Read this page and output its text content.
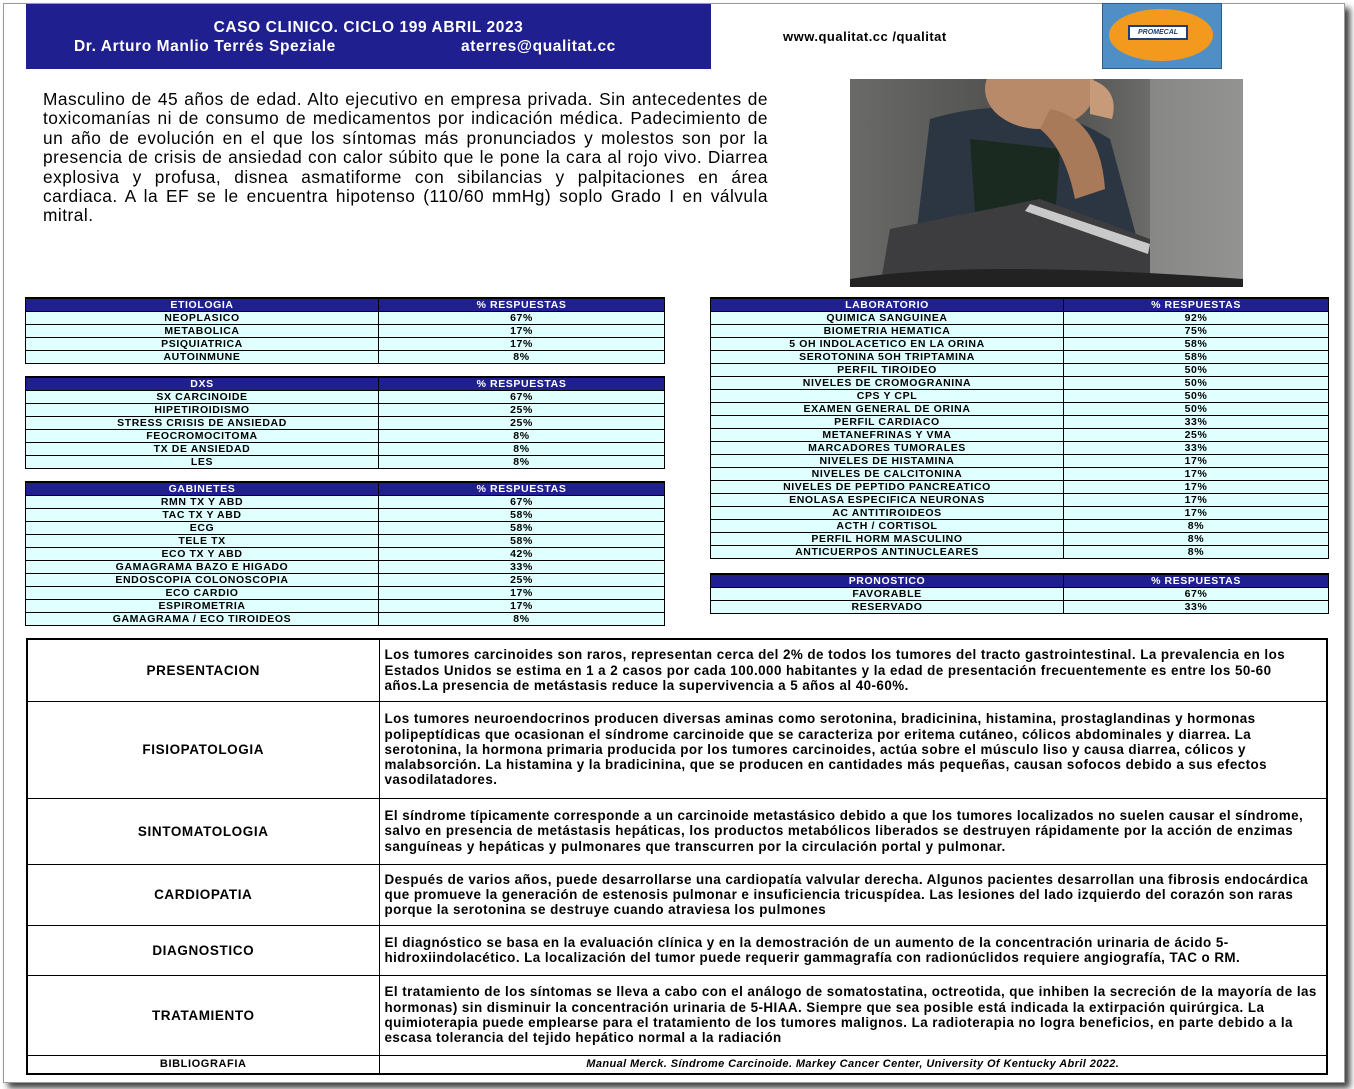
CASO CLINICO. CICLO 199 ABRIL 2023
Dr. Arturo Manlio Terrés Speziale	aterres@qualitat.cc
www.qualitat.cc /qualitat	PROMECAL
Masculino de 45 años de edad. Alto ejecutivo en empresa privada. Sin antecedentes de toxicomanías ni de consumo de medicamentos por indicación médica. Padecimiento de un año de evolución en el que los síntomas más pronunciados y molestos son por la presencia de crisis de ansiedad con calor súbito que le pone la cara al rojo vivo. Diarrea explosiva y profusa, disnea asmatiforme con sibilancias y palpitaciones en área cardiaca. A la EF se le encuentra hipotenso (110/60 mmHg) soplo Grado I en válvula mitral.
ETIOLOGIA	% RESPUESTAS
NEOPLASICO	67%
METABOLICA	17%
PSIQUIATRICA	17%
AUTOINMUNE	8%
DXS	% RESPUESTAS
SX CARCINOIDE	67%
HIPETIROIDISMO	25%
STRESS CRISIS DE ANSIEDAD	25%
FEOCROMOCITOMA	8%
TX DE ANSIEDAD	8%
LES	8%
GABINETES	% RESPUESTAS
RMN TX Y ABD	67%
TAC TX Y ABD	58%
ECG	58%
TELE TX	58%
ECO TX Y ABD	42%
GAMAGRAMA BAZO E HIGADO	33%
ENDOSCOPIA COLONOSCOPIA	25%
ECO CARDIO	17%
ESPIROMETRIA	17%
GAMAGRAMA / ECO TIROIDEOS	8%
LABORATORIO	% RESPUESTAS
QUIMICA SANGUINEA	92%
BIOMETRIA HEMATICA	75%
5 OH INDOLACETICO EN LA ORINA	58%
SEROTONINA 5OH TRIPTAMINA	58%
PERFIL TIROIDEO	50%
NIVELES DE CROMOGRANINA	50%
CPS Y CPL	50%
EXAMEN GENERAL DE ORINA	50%
PERFIL CARDIACO	33%
METANEFRINAS Y VMA	25%
MARCADORES TUMORALES	33%
NIVELES DE HISTAMINA	17%
NIVELES DE CALCITONINA	17%
NIVELES DE PEPTIDO PANCREATICO	17%
ENOLASA ESPECIFICA NEURONAS	17%
AC ANTITIROIDEOS	17%
ACTH / CORTISOL	8%
PERFIL HORM MASCULINO	8%
ANTICUERPOS ANTINUCLEARES	8%
PRONOSTICO	% RESPUESTAS
FAVORABLE	67%
RESERVADO	33%
PRESENTACION	Los tumores carcinoides son raros, representan cerca del 2% de todos los tumores del tracto gastrointestinal. La prevalencia en los Estados Unidos se estima en 1 a 2 casos por cada 100.000 habitantes y la edad de presentación frecuentemente es entre los 50-60 años.La presencia de metástasis reduce la supervivencia a 5 años al 40-60%.
FISIOPATOLOGIA	Los tumores neuroendocrinos producen diversas aminas como serotonina, bradicinina, histamina, prostaglandinas y hormonas polipeptídicas que ocasionan el síndrome carcinoide que se caracteriza por eritema cutáneo, cólicos abdominales y diarrea. La serotonina, la hormona primaria producida por los tumores carcinoides, actúa sobre el músculo liso y causa diarrea, cólicos y malabsorción. La histamina y la bradicinina, que se producen en cantidades más pequeñas, causan sofocos debido a sus efectos vasodilatadores.
SINTOMATOLOGIA	El síndrome típicamente corresponde a un carcinoide metastásico debido a que los tumores localizados no suelen causar el síndrome, salvo en presencia de metástasis hepáticas, los productos metabólicos liberados se destruyen rápidamente por la acción de enzimas sanguíneas y hepáticas y pulmonares que transcurren por la circulación portal y pulmonar.
CARDIOPATIA	Después de varios años, puede desarrollarse una cardiopatía valvular derecha. Algunos pacientes desarrollan una fibrosis endocárdica que promueve la generación de estenosis pulmonar e insuficiencia tricuspídea. Las lesiones del lado izquierdo del corazón son raras porque la serotonina se destruye cuando atraviesa los pulmones
DIAGNOSTICO	El diagnóstico se basa en la evaluación clínica y en la demostración de un aumento de la concentración urinaria de ácido 5-hidroxiindolacético. La localización del tumor puede requerir gammagrafía con radionúclidos requiere angiografía, TAC o RM.
TRATAMIENTO	El tratamiento de los síntomas se lleva a cabo con el análogo de somatostatina, octreotida, que inhiben la secreción de la mayoría de las hormonas) sin disminuir la concentración urinaria de 5-HIAA. Siempre que sea posible está indicada la extirpación quirúrgica. La quimioterapia puede emplearse para el tratamiento de los tumores malignos. La radioterapia no logra beneficios, en parte debido a la escasa tolerancia del tejido hepático normal a la radiación
BIBLIOGRAFIA	Manual Merck. Síndrome Carcinoide. Markey Cancer Center, University Of Kentucky Abril 2022.
